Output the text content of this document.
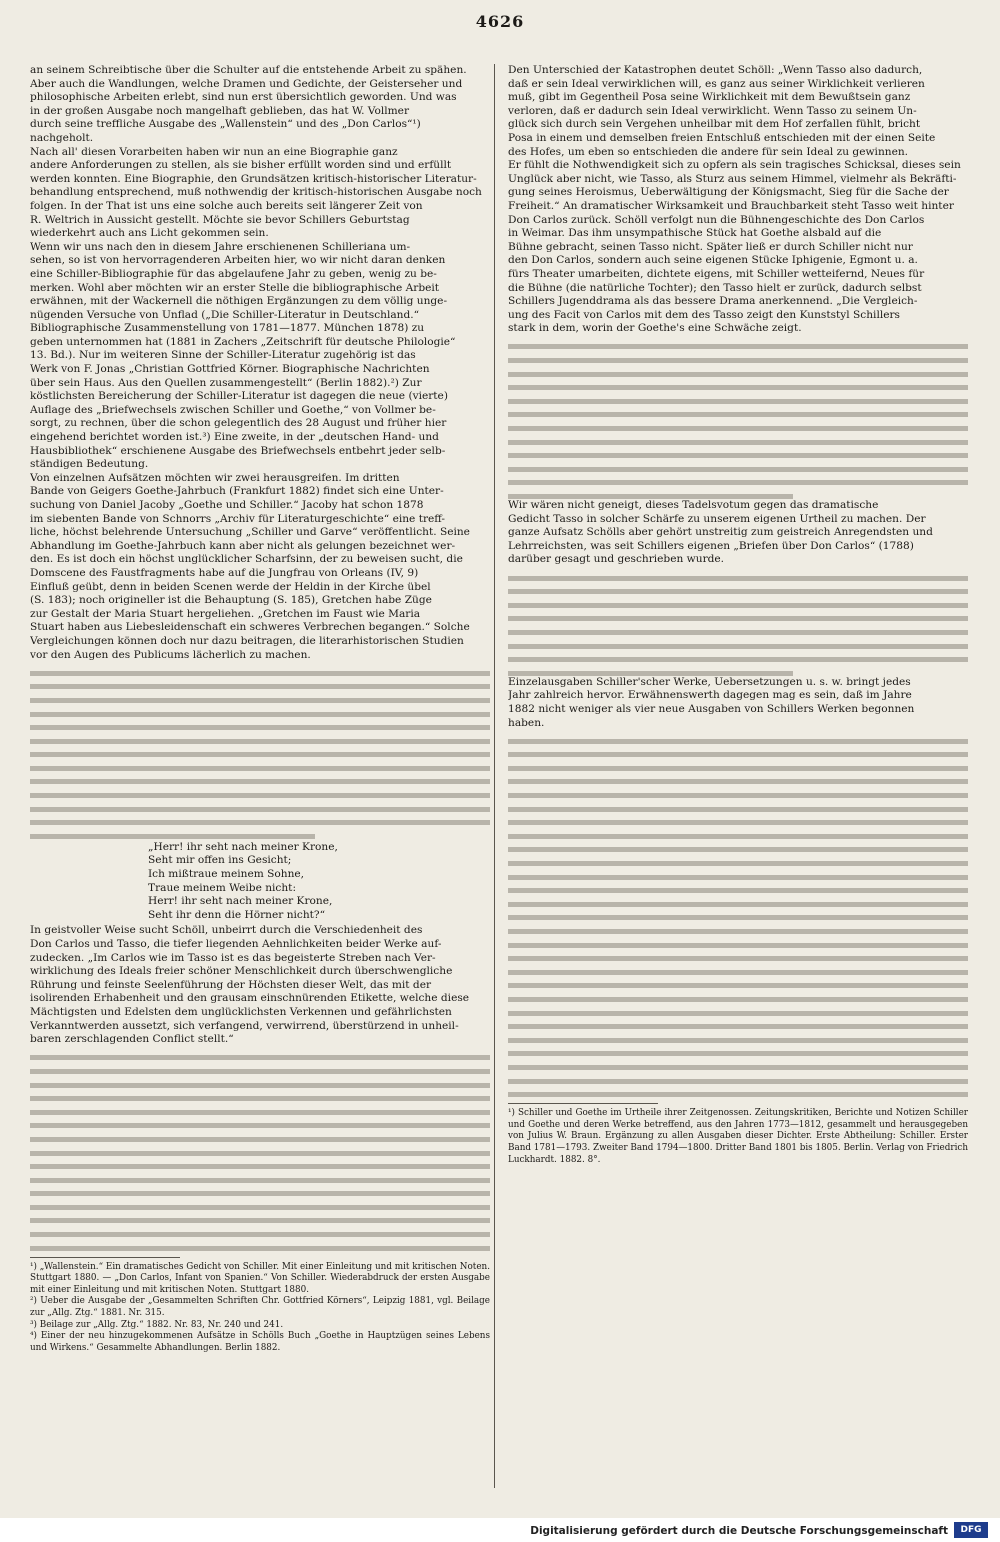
4626

an seinem Schreibtische über die Schulter auf die entstehende Arbeit zu spähen.

Aber auch die Wandlungen, welche Dramen und Gedichte, der Geisterseher und

philosophische Arbeiten erlebt, sind nun erst übersichtlich geworden. Und was

in der großen Ausgabe noch mangelhaft geblieben, das hat W. Vollmer

durch seine treffliche Ausgabe des „Wallenstein“ und des „Don Carlos“¹)

nachgeholt.

Nach all' diesen Vorarbeiten haben wir nun an eine Biographie ganz

andere Anforderungen zu stellen, als sie bisher erfüllt worden sind und erfüllt

werden konnten. Eine Biographie, den Grundsätzen kritisch-historischer Literatur-

behandlung entsprechend, muß nothwendig der kritisch-historischen Ausgabe noch

folgen. In der That ist uns eine solche auch bereits seit längerer Zeit von

R. Weltrich in Aussicht gestellt. Möchte sie bevor Schillers Geburtstag

wiederkehrt auch ans Licht gekommen sein.

Wenn wir uns nach den in diesem Jahre erschienenen Schilleriana um-

sehen, so ist von hervorragenderen Arbeiten hier, wo wir nicht daran denken

eine Schiller-Bibliographie für das abgelaufene Jahr zu geben, wenig zu be-

merken. Wohl aber möchten wir an erster Stelle die bibliographische Arbeit

erwähnen, mit der Wackernell die nöthigen Ergänzungen zu dem völlig unge-

nügenden Versuche von Unflad („Die Schiller-Literatur in Deutschland.“

Bibliographische Zusammenstellung von 1781—1877. München 1878) zu

geben unternommen hat (1881 in Zachers „Zeitschrift für deutsche Philologie“

13. Bd.). Nur im weiteren Sinne der Schiller-Literatur zugehörig ist das

Werk von F. Jonas „Christian Gottfried Körner. Biographische Nachrichten

über sein Haus. Aus den Quellen zusammengestellt“ (Berlin 1882).²) Zur

köstlichsten Bereicherung der Schiller-Literatur ist dagegen die neue (vierte)

Auflage des „Briefwechsels zwischen Schiller und Goethe,“ von Vollmer be-

sorgt, zu rechnen, über die schon gelegentlich des 28 August und früher hier

eingehend berichtet worden ist.³) Eine zweite, in der „deutschen Hand- und

Hausbibliothek“ erschienene Ausgabe des Briefwechsels entbehrt jeder selb-

ständigen Bedeutung.

Von einzelnen Aufsätzen möchten wir zwei herausgreifen. Im dritten

Bande von Geigers Goethe-Jahrbuch (Frankfurt 1882) findet sich eine Unter-

suchung von Daniel Jacoby „Goethe und Schiller.“ Jacoby hat schon 1878

im siebenten Bande von Schnorrs „Archiv für Literaturgeschichte“ eine treff-

liche, höchst belehrende Untersuchung „Schiller und Garve“ veröffentlicht. Seine

Abhandlung im Goethe-Jahrbuch kann aber nicht als gelungen bezeichnet wer-

den. Es ist doch ein höchst unglücklicher Scharfsinn, der zu beweisen sucht, die

Domscene des Faustfragments habe auf die Jungfrau von Orleans (IV, 9)

Einfluß geübt, denn in beiden Scenen werde der Heldin in der Kirche übel

(S. 183); noch origineller ist die Behauptung (S. 185), Gretchen habe Züge

zur Gestalt der Maria Stuart hergeliehen. „Gretchen im Faust wie Maria

Stuart haben aus Liebesleidenschaft ein schweres Verbrechen begangen.“ Solche

Vergleichungen können doch nur dazu beitragen, die literarhistorischen Studien

vor den Augen des Publicums lächerlich zu machen.

„Herr! ihr seht nach meiner Krone,
Seht mir offen ins Gesicht;
Ich mißtraue meinem Sohne,
Traue meinem Weibe nicht:
Herr! ihr seht nach meiner Krone,
Seht ihr denn die Hörner nicht?“

In geistvoller Weise sucht Schöll, unbeirrt durch die Verschiedenheit des

Don Carlos und Tasso, die tiefer liegenden Aehnlichkeiten beider Werke auf-

zudecken. „Im Carlos wie im Tasso ist es das begeisterte Streben nach Ver-

wirklichung des Ideals freier schöner Menschlichkeit durch überschwengliche

Rührung und feinste Seelenführung der Höchsten dieser Welt, das mit der

isolirenden Erhabenheit und den grausam einschnürenden Etikette, welche diese

Mächtigsten und Edelsten dem unglücklichsten Verkennen und gefährlichsten

Verkanntwerden aussetzt, sich verfangend, verwirrend, überstürzend in unheil-

baren zerschlagenden Conflict stellt.“

¹) „Wallenstein.“ Ein dramatisches Gedicht von Schiller. Mit einer Einleitung und mit kritischen Noten. Stuttgart 1880. — „Don Carlos, Infant von Spanien.“ Von Schiller. Wiederabdruck der ersten Ausgabe mit einer Einleitung und mit kritischen Noten. Stuttgart 1880.

²) Ueber die Ausgabe der „Gesammelten Schriften Chr. Gottfried Körners“, Leipzig 1881, vgl. Beilage zur „Allg. Ztg.“ 1881. Nr. 315.

³) Beilage zur „Allg. Ztg.“ 1882. Nr. 83, Nr. 240 und 241.

⁴) Einer der neu hinzugekommenen Aufsätze in Schölls Buch „Goethe in Hauptzügen seines Lebens und Wirkens.“ Gesammelte Abhandlungen. Berlin 1882.

Den Unterschied der Katastrophen deutet Schöll: „Wenn Tasso also dadurch,

daß er sein Ideal verwirklichen will, es ganz aus seiner Wirklichkeit verlieren

muß, gibt im Gegentheil Posa seine Wirklichkeit mit dem Bewußtsein ganz

verloren, daß er dadurch sein Ideal verwirklicht. Wenn Tasso zu seinem Un-

glück sich durch sein Vergehen unheilbar mit dem Hof zerfallen fühlt, bricht

Posa in einem und demselben freien Entschluß entschieden mit der einen Seite

des Hofes, um eben so entschieden die andere für sein Ideal zu gewinnen.

Er fühlt die Nothwendigkeit sich zu opfern als sein tragisches Schicksal, dieses sein

Unglück aber nicht, wie Tasso, als Sturz aus seinem Himmel, vielmehr als Bekräfti-

gung seines Heroismus, Ueberwältigung der Königsmacht, Sieg für die Sache der

Freiheit.“ An dramatischer Wirksamkeit und Brauchbarkeit steht Tasso weit hinter

Don Carlos zurück. Schöll verfolgt nun die Bühnengeschichte des Don Carlos

in Weimar. Das ihm unsympathische Stück hat Goethe alsbald auf die

Bühne gebracht, seinen Tasso nicht. Später ließ er durch Schiller nicht nur

den Don Carlos, sondern auch seine eigenen Stücke Iphigenie, Egmont u. a.

fürs Theater umarbeiten, dichtete eigens, mit Schiller wetteifernd, Neues für

die Bühne (die natürliche Tochter); den Tasso hielt er zurück, dadurch selbst

Schillers Jugenddrama als das bessere Drama anerkennend. „Die Vergleich-

ung des Facit von Carlos mit dem des Tasso zeigt den Kunststyl Schillers

stark in dem, worin der Goethe's eine Schwäche zeigt.

Wir wären nicht geneigt, dieses Tadelsvotum gegen das dramatische

Gedicht Tasso in solcher Schärfe zu unserem eigenen Urtheil zu machen. Der

ganze Aufsatz Schölls aber gehört unstreitig zum geistreich Anregendsten und

Lehrreichsten, was seit Schillers eigenen „Briefen über Don Carlos“ (1788)

darüber gesagt und geschrieben wurde.

Einzelausgaben Schiller'scher Werke, Uebersetzungen u. s. w. bringt jedes

Jahr zahlreich hervor. Erwähnenswerth dagegen mag es sein, daß im Jahre

1882 nicht weniger als vier neue Ausgaben von Schillers Werken begonnen

haben.

¹) Schiller und Goethe im Urtheile ihrer Zeitgenossen. Zeitungskritiken, Berichte und Notizen Schiller und Goethe und deren Werke betreffend, aus den Jahren 1773—1812, gesammelt und herausgegeben von Julius W. Braun. Ergänzung zu allen Ausgaben dieser Dichter. Erste Abtheilung: Schiller. Erster Band 1781—1793. Zweiter Band 1794—1800. Dritter Band 1801 bis 1805. Berlin. Verlag von Friedrich Luckhardt. 1882. 8°.

Digitalisierung gefördert durch die Deutsche Forschungsgemeinschaft	DFG
